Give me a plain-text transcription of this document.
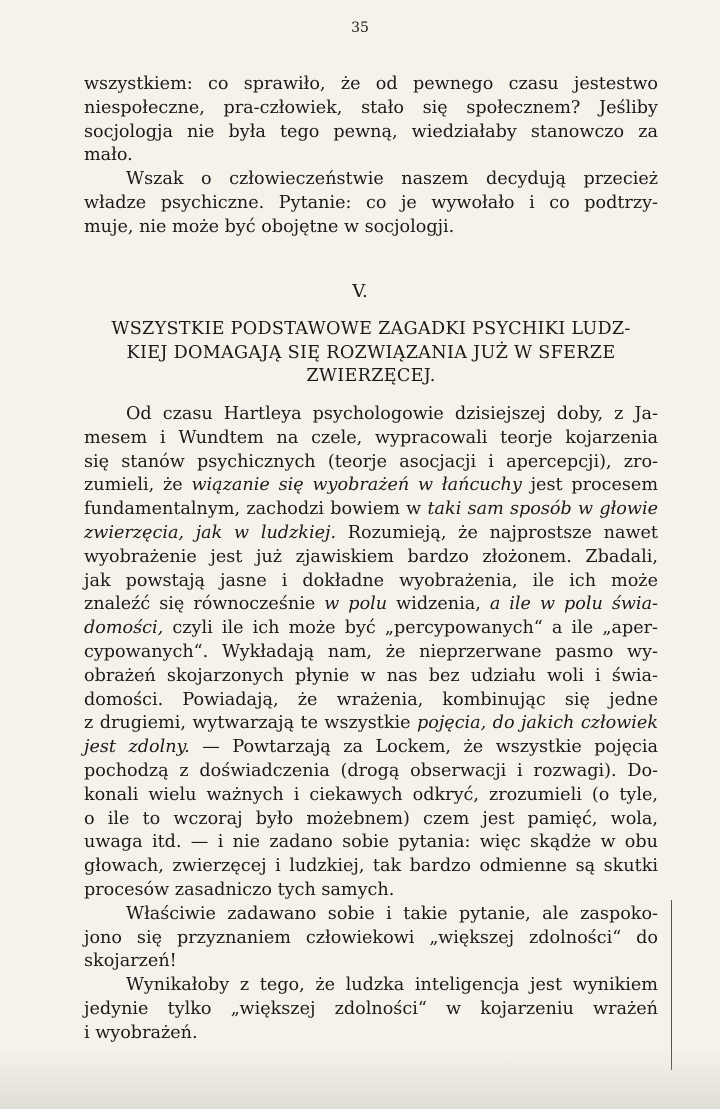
35

wszystkiem: co sprawiło, że od pewnego czasu jestestwo
niespołeczne, pra-człowiek, stało się społecznem? Jeśliby
socjologja nie była tego pewną, wiedziałaby stanowczo za
mało.

Wszak o człowieczeństwie naszem decydują przecież
władze psychiczne. Pytanie: co je wywołało i co podtrzy-
muje, nie może być obojętne w socjologji.

V.
WSZYSTKIE PODSTAWOWE ZAGADKI PSYCHIKI LUDZ-
KIEJ DOMAGAJĄ SIĘ ROZWIĄZANIA JUŻ W SFERZE
ZWIERZĘCEJ.

Od czasu Hartleya psychologowie dzisiejszej doby, z Ja-
mesem i Wundtem na czele, wypracowali teorje kojarzenia
się stanów psychicznych (teorje asocjacji i apercepcji), zro-
zumieli, że wiązanie się wyobrażeń w łańcuchy jest procesem
fundamentalnym, zachodzi bowiem w taki sam sposób w głowie
zwierzęcia, jak w ludzkiej. Rozumieją, że najprostsze nawet
wyobrażenie jest już zjawiskiem bardzo złożonem. Zbadali,
jak powstają jasne i dokładne wyobrażenia, ile ich może
znaleźć się równocześnie w polu widzenia, a ile w polu świa-
domości, czyli ile ich może być „percypowanych“ a ile „aper-
cypowanych“. Wykładają nam, że nieprzerwane pasmo wy-
obrażeń skojarzonych płynie w nas bez udziału woli i świa-
domości. Powiadają, że wrażenia, kombinując się jedne
z drugiemi, wytwarzają te wszystkie pojęcia, do jakich człowiek
jest zdolny. — Powtarzają za Lockem, że wszystkie pojęcia
pochodzą z doświadczenia (drogą obserwacji i rozwagi). Do-
konali wielu ważnych i ciekawych odkryć, zrozumieli (o tyle,
o ile to wczoraj było możebnem) czem jest pamięć, wola,
uwaga itd. — i nie zadano sobie pytania: więc skądże w obu
głowach, zwierzęcej i ludzkiej, tak bardzo odmienne są skutki
procesów zasadniczo tych samych.

Właściwie zadawano sobie i takie pytanie, ale zaspoko-
jono się przyznaniem człowiekowi „większej zdolności“ do
skojarzeń!

Wynikałoby z tego, że ludzka inteligencja jest wynikiem
jedynie tylko „większej zdolności“ w kojarzeniu wrażeń
i wyobrażeń.
